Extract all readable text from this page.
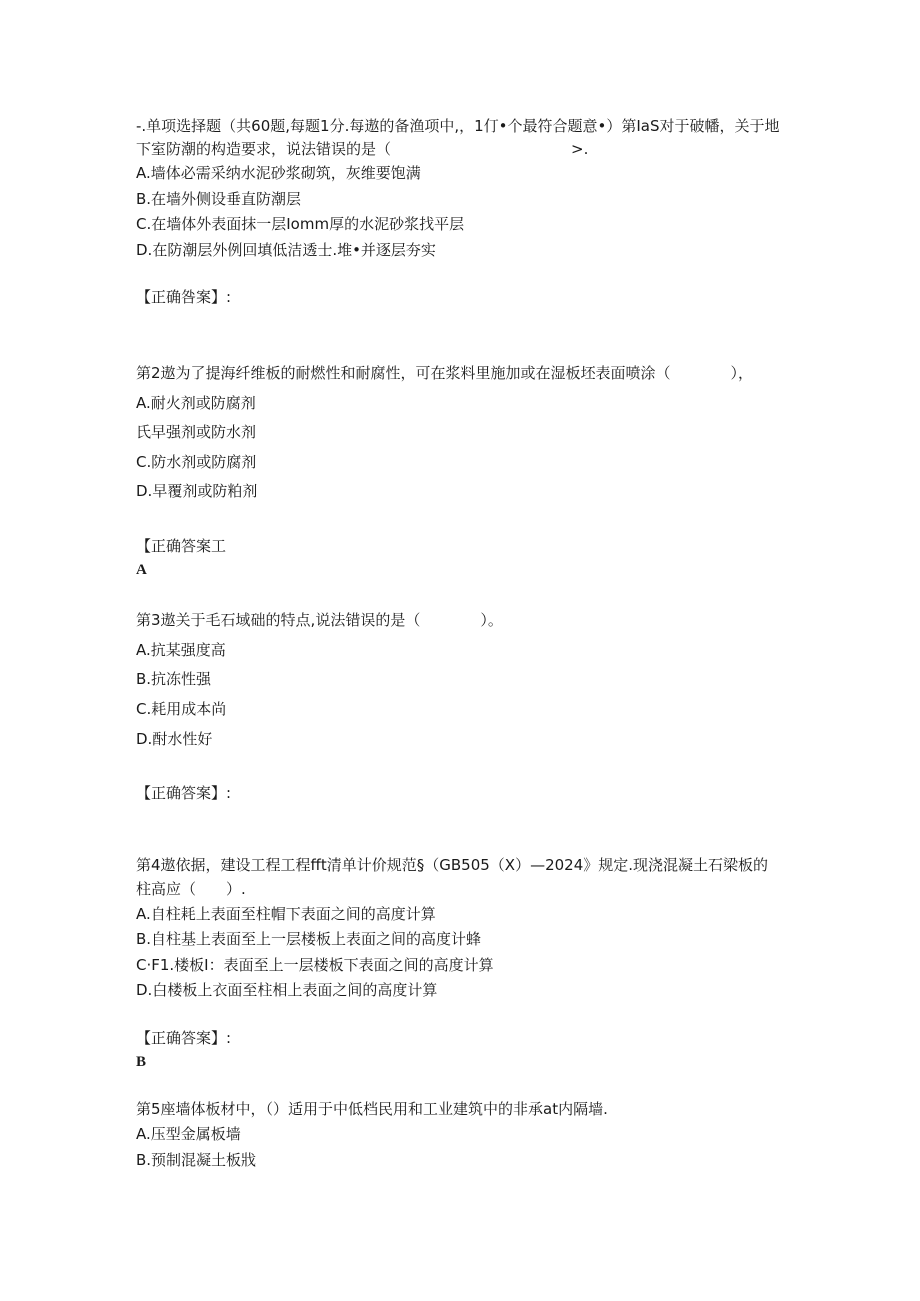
-.单项选择题（共60题,每题1分.每遨的备渔项中,，1仃•个最符合题意•）第IaS对于破幡，关于地
下室防潮的构造要求，说法错误的是（　　　　　　　　　　　　>.
A.墙体必需采纳水泥砂浆砌筑，灰维要饱满
B.在墙外侧设垂直防潮层
C.在墙体外表面抹一层Iomm厚的水泥砂浆找平层
D.在防潮层外例回填低洁透士.堆•并逐层夯实
【正确咎案】:
第2遨为了提海纤维板的耐燃性和耐腐性，可在浆料里施加或在湿板坯表面喷涂（　　　　），
A.耐火剂或防腐剂
氏早强剂或防水剂
C.防水剂或防腐剂
D.早覆剂或防粕剂
【正确答案工
A
第3遨关于毛石域础的特点,说法错误的是（　　　　）。
A.抗某强度高
B.抗冻性强
C.耗用成本尚
D.酎水性好
【正确答案】:
第4遨依据，建设工程工程fft清单计价规范§（GB505（X）—2024》规定.现浇混凝土石梁板的
柱高应（　　）.
A.自柱耗上表面至柱帽下表面之间的高度计算
B.自柱基上表面至上一层楼板上表面之间的高度计蜂
C·F1.楼板I：表面至上一层楼板下表面之间的高度计算
D.白楼板上衣面至柱相上表面之间的高度计算
【正确答案】:
B
第5座墙体板材中，（）适用于中低档民用和工业建筑中的非承at内隔墙.
A.压型金属板墙
B.预制混凝土板戕
